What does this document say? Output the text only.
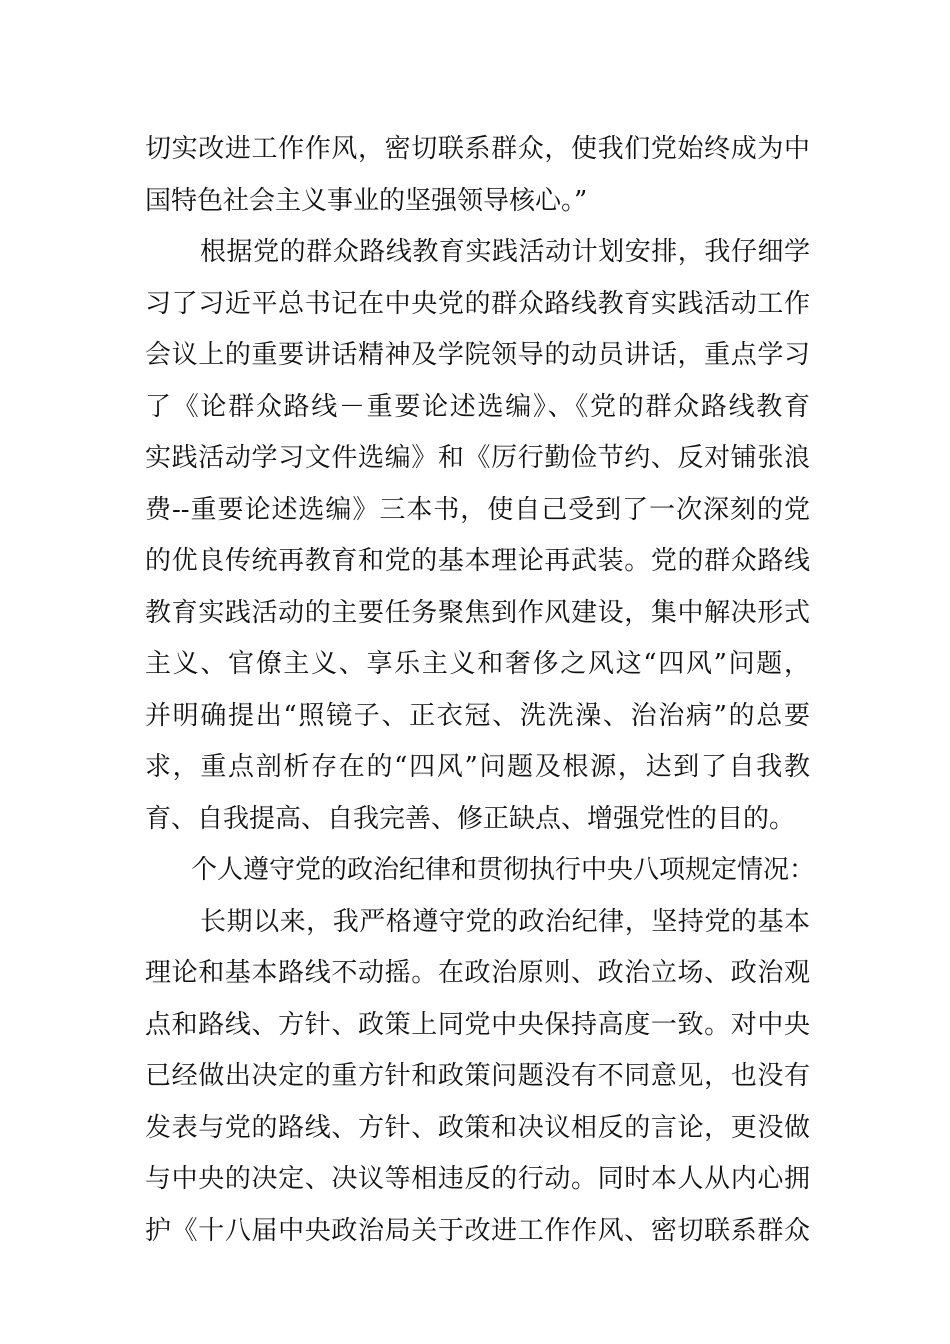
切实改进工作作风，密切联系群众，使我们党始终成为中
国特色社会主义事业的坚强领导核心。”
根据党的群众路线教育实践活动计划安排，我仔细学
习了习近平总书记在中央党的群众路线教育实践活动工作
会议上的重要讲话精神及学院领导的动员讲话，重点学习
了《论群众路线－重要论述选编》、《党的群众路线教育
实践活动学习文件选编》和《厉行勤俭节约、反对铺张浪
费--重要论述选编》三本书，使自己受到了一次深刻的党
的优良传统再教育和党的基本理论再武装。党的群众路线
教育实践活动的主要任务聚焦到作风建设，集中解决形式
主义、官僚主义、享乐主义和奢侈之风这“四风”问题，
并明确提出“照镜子、正衣冠、洗洗澡、治治病”的总要
求，重点剖析存在的“四风”问题及根源，达到了自我教
育、自我提高、自我完善、修正缺点、增强党性的目的。
个人遵守党的政治纪律和贯彻执行中央八项规定情况：
长期以来，我严格遵守党的政治纪律，坚持党的基本
理论和基本路线不动摇。在政治原则、政治立场、政治观
点和路线、方针、政策上同党中央保持高度一致。对中央
已经做出决定的重方针和政策问题没有不同意见，也没有
发表与党的路线、方针、政策和决议相反的言论，更没做
与中央的决定、决议等相违反的行动。同时本人从内心拥
护《十八届中央政治局关于改进工作作风、密切联系群众
